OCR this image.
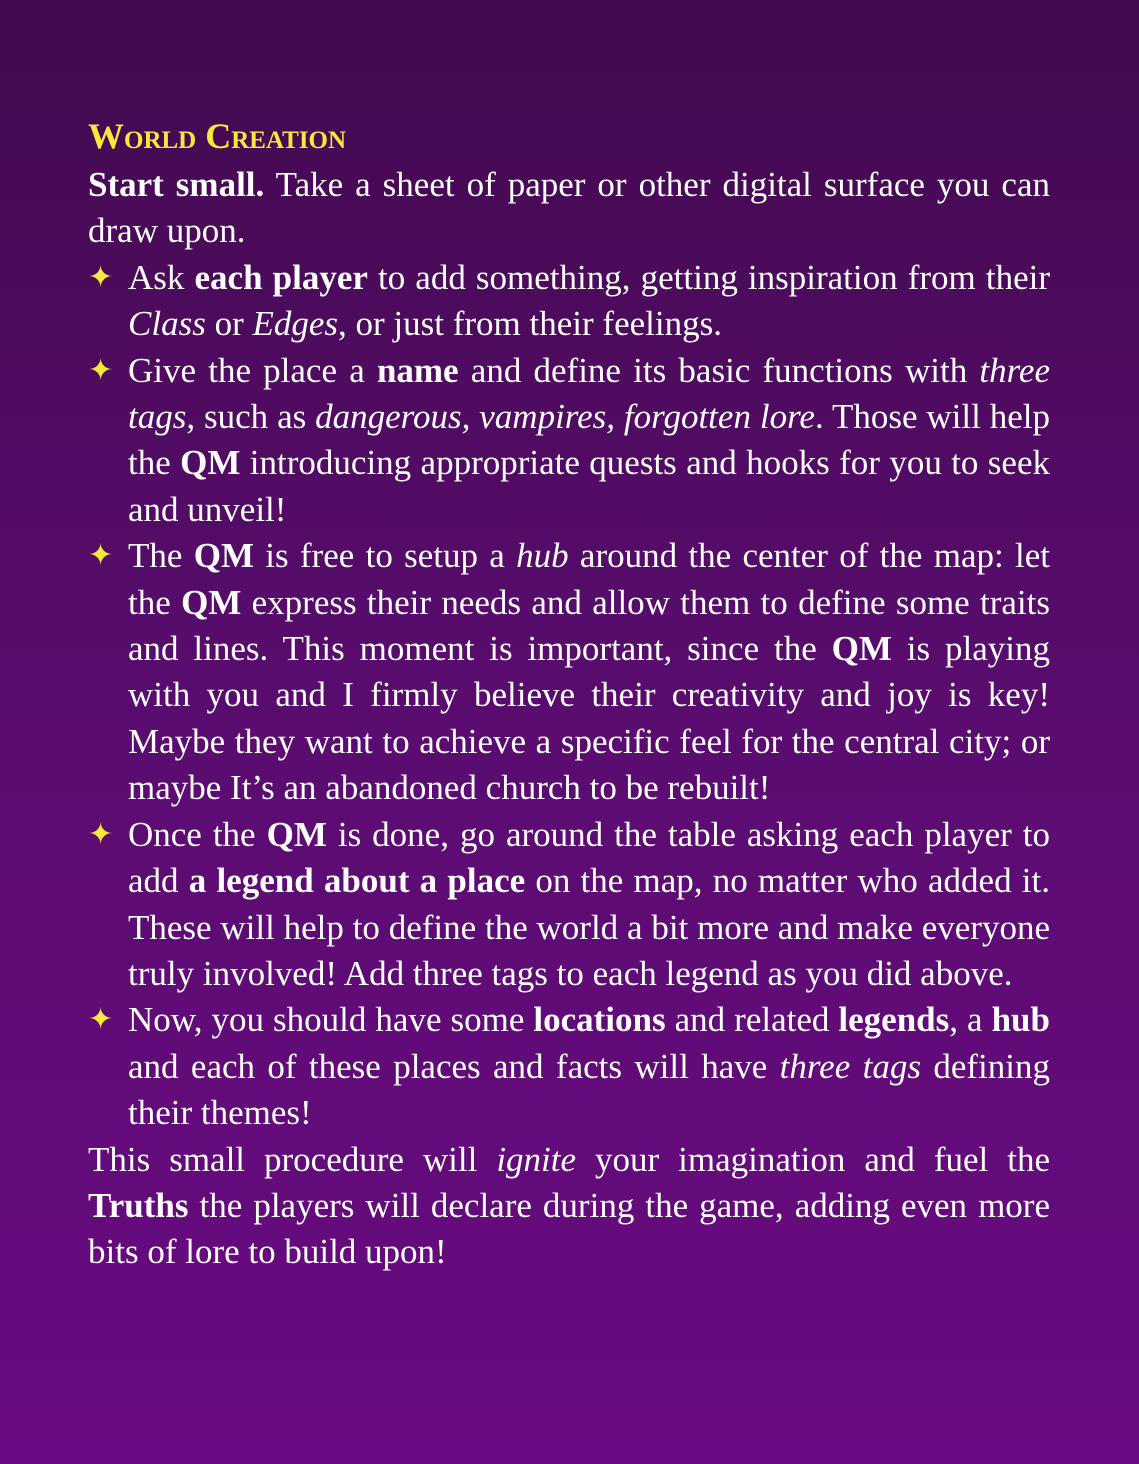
World Creation

Start small. Take a sheet of paper or other digital surface you can draw upon.

✦ Ask each player to add something, getting inspiration from their Class or Edges, or just from their feelings.
✦ Give the place a name and define its basic functions with three tags, such as dangerous, vampires, forgotten lore. Those will help the QM introducing appropriate quests and hooks for you to seek and unveil!
✦ The QM is free to setup a hub around the center of the map: let the QM express their needs and allow them to define some traits and lines. This moment is important, since the QM is playing with you and I firmly believe their creativity and joy is key! Maybe they want to achieve a specific feel for the central city; or maybe It’s an abandoned church to be rebuilt!
✦ Once the QM is done, go around the table asking each player to add a legend about a place on the map, no matter who added it. These will help to define the world a bit more and make everyone truly involved! Add three tags to each legend as you did above.
✦ Now, you should have some locations and related legends, a hub and each of these places and facts will have three tags defining their themes!

This small procedure will ignite your imagination and fuel the Truths the players will declare during the game, adding even more bits of lore to build upon!
